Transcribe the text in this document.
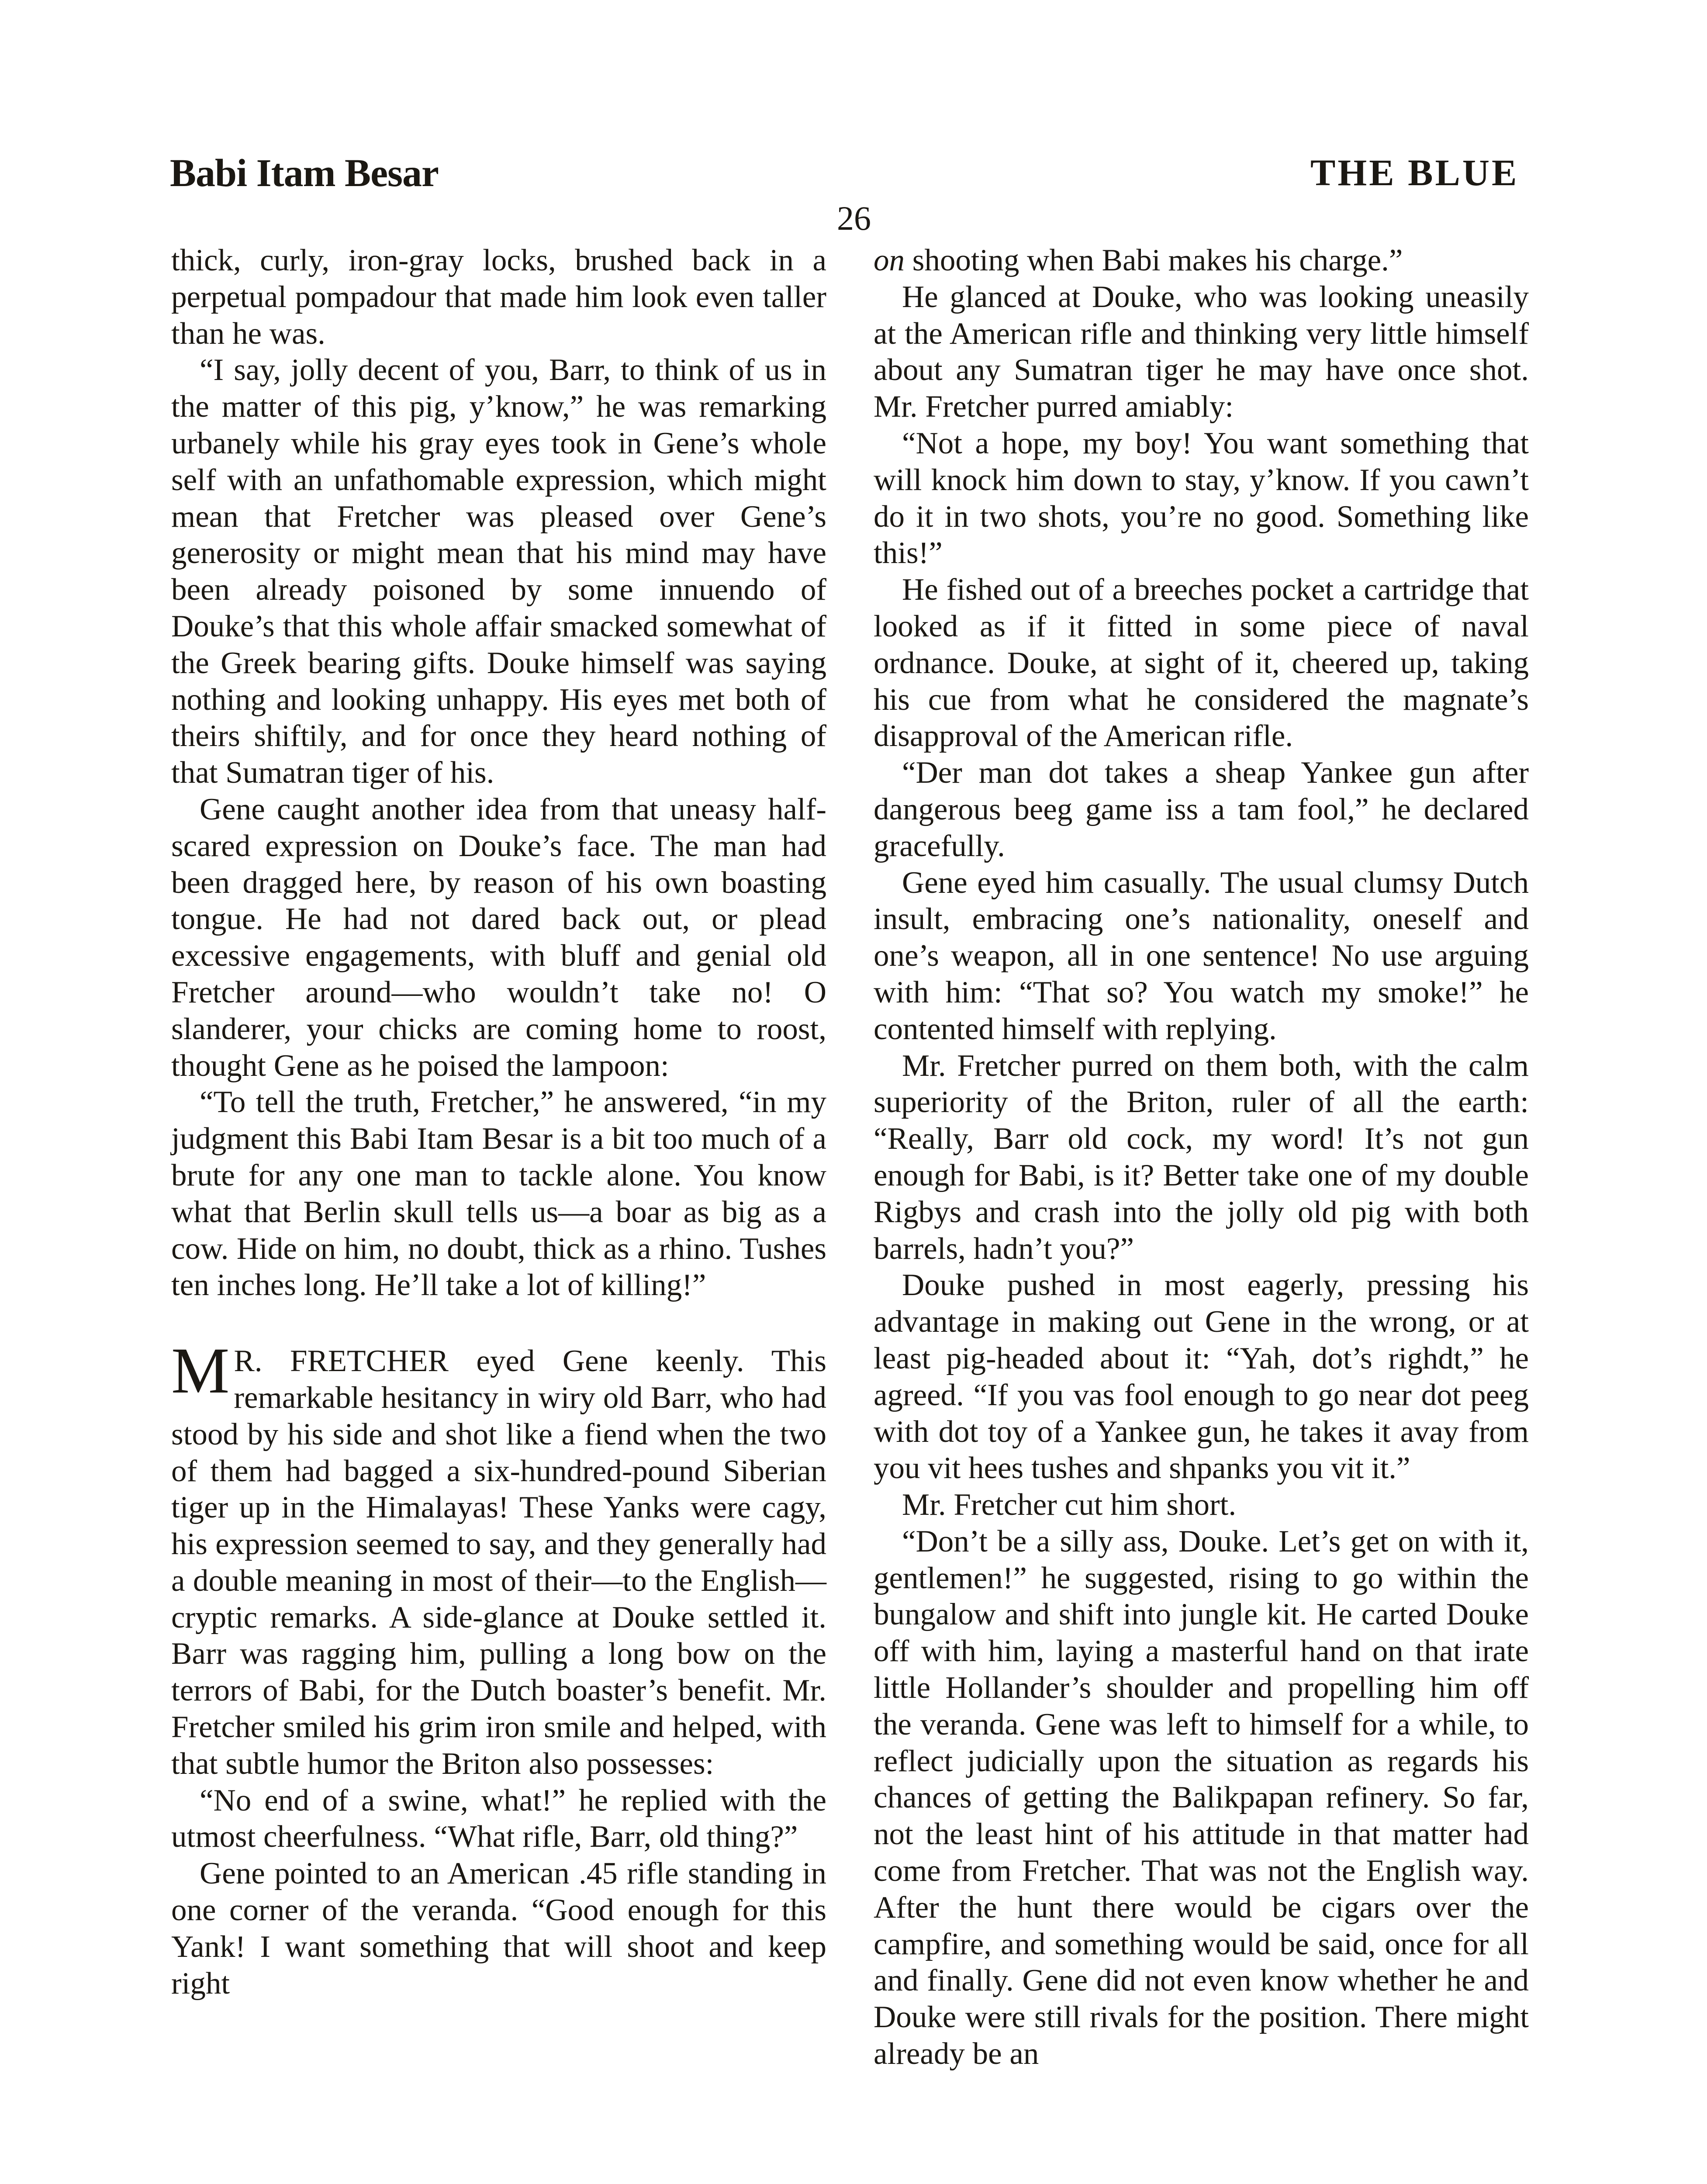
Babi Itam Besar	THE BLUE
26

thick, curly, iron-gray locks, brushed back in a perpetual pompadour that made him look even taller than he was.

“I say, jolly decent of you, Barr, to think of us in the matter of this pig, y’know,” he was remarking urbanely while his gray eyes took in Gene’s whole self with an unfathomable expression, which might mean that Fretcher was pleased over Gene’s generosity or might mean that his mind may have been already poisoned by some innuendo of Douke’s that this whole affair smacked somewhat of the Greek bearing gifts. Douke himself was saying nothing and looking unhappy. His eyes met both of theirs shiftily, and for once they heard nothing of that Sumatran tiger of his.

Gene caught another idea from that uneasy half-scared expression on Douke’s face. The man had been dragged here, by reason of his own boasting tongue. He had not dared back out, or plead excessive engagements, with bluff and genial old Fretcher around—who wouldn’t take no! O slanderer, your chicks are coming home to roost, thought Gene as he poised the lampoon:

“To tell the truth, Fretcher,” he answered, “in my judgment this Babi Itam Besar is a bit too much of a brute for any one man to tackle alone. You know what that Berlin skull tells us—a boar as big as a cow. Hide on him, no doubt, thick as a rhino. Tushes ten inches long. He’ll take a lot of killing!”

M R. FRETCHER eyed Gene keenly. This remarkable hesitancy in wiry old Barr, who had stood by his side and shot like a fiend when the two of them had bagged a six-hundred-pound Siberian tiger up in the Himalayas! These Yanks were cagy, his expression seemed to say, and they generally had a double meaning in most of their—to the English—cryptic remarks. A side-glance at Douke settled it. Barr was ragging him, pulling a long bow on the terrors of Babi, for the Dutch boaster’s benefit. Mr. Fretcher smiled his grim iron smile and helped, with that subtle humor the Briton also possesses:

“No end of a swine, what!” he replied with the utmost cheerfulness. “What rifle, Barr, old thing?”

Gene pointed to an American .45 rifle standing in one corner of the veranda. “Good enough for this Yank! I want something that will shoot and keep right

on shooting when Babi makes his charge.”

He glanced at Douke, who was looking uneasily at the American rifle and thinking very little himself about any Sumatran tiger he may have once shot. Mr. Fretcher purred amiably:

“Not a hope, my boy! You want something that will knock him down to stay, y’know. If you cawn’t do it in two shots, you’re no good. Something like this!”

He fished out of a breeches pocket a cartridge that looked as if it fitted in some piece of naval ordnance. Douke, at sight of it, cheered up, taking his cue from what he considered the magnate’s disapproval of the American rifle.

“Der man dot takes a sheap Yankee gun after dangerous beeg game iss a tam fool,” he declared gracefully.

Gene eyed him casually. The usual clumsy Dutch insult, embracing one’s nationality, oneself and one’s weapon, all in one sentence! No use arguing with him: “That so? You watch my smoke!” he contented himself with replying.

Mr. Fretcher purred on them both, with the calm superiority of the Briton, ruler of all the earth: “Really, Barr old cock, my word! It’s not gun enough for Babi, is it? Better take one of my double Rigbys and crash into the jolly old pig with both barrels, hadn’t you?”

Douke pushed in most eagerly, pressing his advantage in making out Gene in the wrong, or at least pig-headed about it: “Yah, dot’s righdt,” he agreed. “If you vas fool enough to go near dot peeg with dot toy of a Yankee gun, he takes it avay from you vit hees tushes and shpanks you vit it.”

Mr. Fretcher cut him short.

“Don’t be a silly ass, Douke. Let’s get on with it, gentlemen!” he suggested, rising to go within the bungalow and shift into jungle kit. He carted Douke off with him, laying a masterful hand on that irate little Hollander’s shoulder and propelling him off the veranda. Gene was left to himself for a while, to reflect judicially upon the situation as regards his chances of getting the Balikpapan refinery. So far, not the least hint of his attitude in that matter had come from Fretcher. That was not the English way. After the hunt there would be cigars over the campfire, and something would be said, once for all and finally. Gene did not even know whether he and Douke were still rivals for the position. There might already be an
